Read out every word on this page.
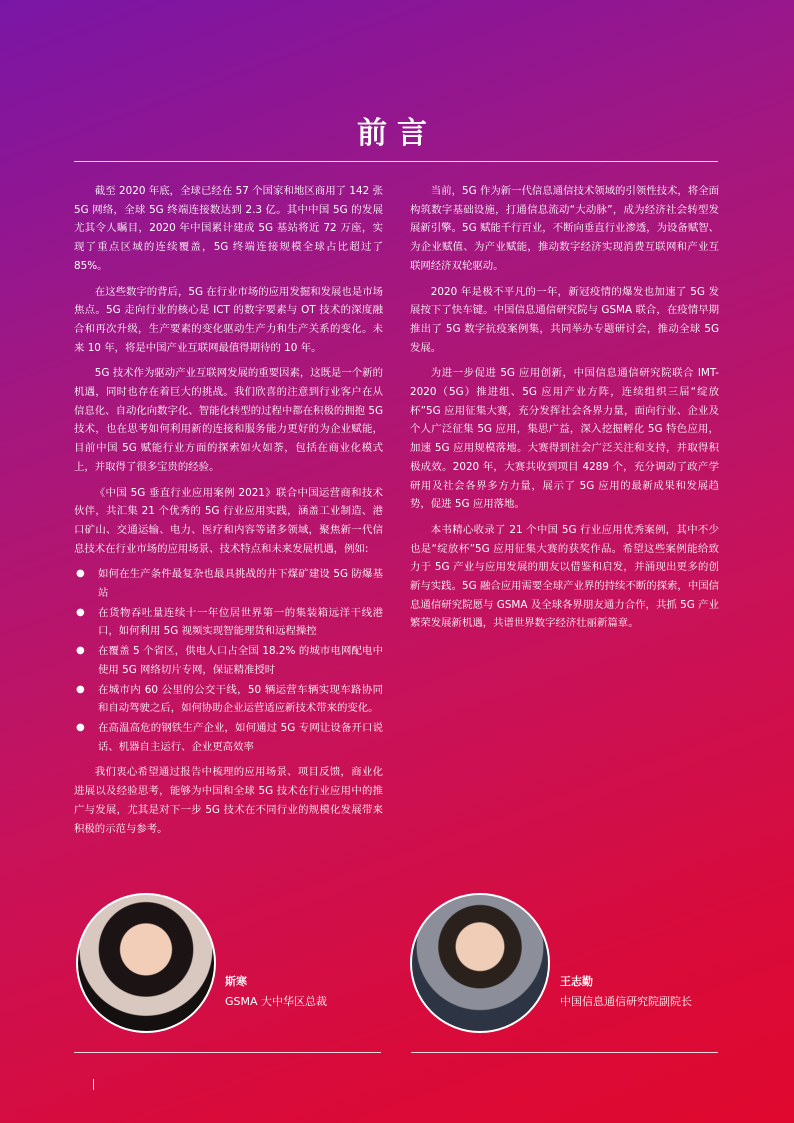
前言

截至 2020 年底，全球已经在 57 个国家和地区商用了 142 张 5G 网络，全球 5G 终端连接数达到 2.3 亿。其中中国 5G 的发展尤其令人瞩目，2020 年中国累计建成 5G 基站将近 72 万座，实现了重点区域的连续覆盖，5G 终端连接规模全球占比超过了 85%。

在这些数字的背后，5G 在行业市场的应用发掘和发展也是市场焦点。5G 走向行业的核心是 ICT 的数字要素与 OT 技术的深度融合和再次升级，生产要素的变化驱动生产力和生产关系的变化。未来 10 年，将是中国产业互联网最值得期待的 10 年。

5G 技术作为驱动产业互联网发展的重要因素，这既是一个新的机遇，同时也存在着巨大的挑战。我们欣喜的注意到行业客户在从信息化、自动化向数字化、智能化转型的过程中都在积极的拥抱 5G 技术，也在思考如何利用新的连接和服务能力更好的为企业赋能，目前中国 5G 赋能行业方面的探索如火如荼，包括在商业化模式上，并取得了很多宝贵的经验。

《中国 5G 垂直行业应用案例 2021》联合中国运营商和技术伙伴，共汇集 21 个优秀的 5G 行业应用实践，涵盖工业制造、港口矿山、交通运输、电力、医疗和内容等诸多领域，聚焦新一代信息技术在行业市场的应用场景、技术特点和未来发展机遇，例如:

● 如何在生产条件最复杂也最具挑战的井下煤矿建设 5G 防爆基站
● 在货物吞吐量连续十一年位居世界第一的集装箱远洋干线港口，如何利用 5G 视频实现智能理货和远程操控
● 在覆盖 5 个省区，供电人口占全国 18.2% 的城市电网配电中使用 5G 网络切片专网，保证精准授时
● 在城市内 60 公里的公交干线，50 辆运营车辆实现车路协同和自动驾驶之后，如何协助企业运营适应新技术带来的变化。
● 在高温高危的钢铁生产企业，如何通过 5G 专网让设备开口说话、机器自主运行、企业更高效率

我们衷心希望通过报告中梳理的应用场景、项目反馈，商业化进展以及经验思考，能够为中国和全球 5G 技术在行业应用中的推广与发展，尤其是对下一步 5G 技术在不同行业的规模化发展带来积极的示范与参考。

当前，5G 作为新一代信息通信技术领域的引领性技术，将全面构筑数字基础设施，打通信息流动“大动脉”，成为经济社会转型发展新引擎。5G 赋能千行百业，不断向垂直行业渗透，为设备赋智、为企业赋值、为产业赋能，推动数字经济实现消费互联网和产业互联网经济双轮驱动。

2020 年是极不平凡的一年，新冠疫情的爆发也加速了 5G 发展按下了快车键。中国信息通信研究院与 GSMA 联合，在疫情早期推出了 5G 数字抗疫案例集，共同举办专题研讨会，推动全球 5G 发展。

为进一步促进 5G 应用创新，中国信息通信研究院联合 IMT-2020（5G）推进组、5G 应用产业方阵，连续组织三届“绽放杯”5G 应用征集大赛，充分发挥社会各界力量，面向行业、企业及个人广泛征集 5G 应用，集思广益，深入挖掘孵化 5G 特色应用，加速 5G 应用规模落地。大赛得到社会广泛关注和支持，并取得积极成效。2020 年，大赛共收到项目 4289 个，充分调动了政产学研用及社会各界多方力量，展示了 5G 应用的最新成果和发展趋势，促进 5G 应用落地。

本书精心收录了 21 个中国 5G 行业应用优秀案例，其中不少也是“绽放杯”5G 应用征集大赛的获奖作品。希望这些案例能给致力于 5G 产业与应用发展的朋友以借鉴和启发，并涌现出更多的创新与实践。5G 融合应用需要全球产业界的持续不断的探索，中国信息通信研究院愿与 GSMA 及全球各界朋友通力合作，共抓 5G 产业繁荣发展新机遇，共谱世界数字经济壮丽新篇章。

斯寒
GSMA 大中华区总裁
王志勤
中国信息通信研究院副院长
